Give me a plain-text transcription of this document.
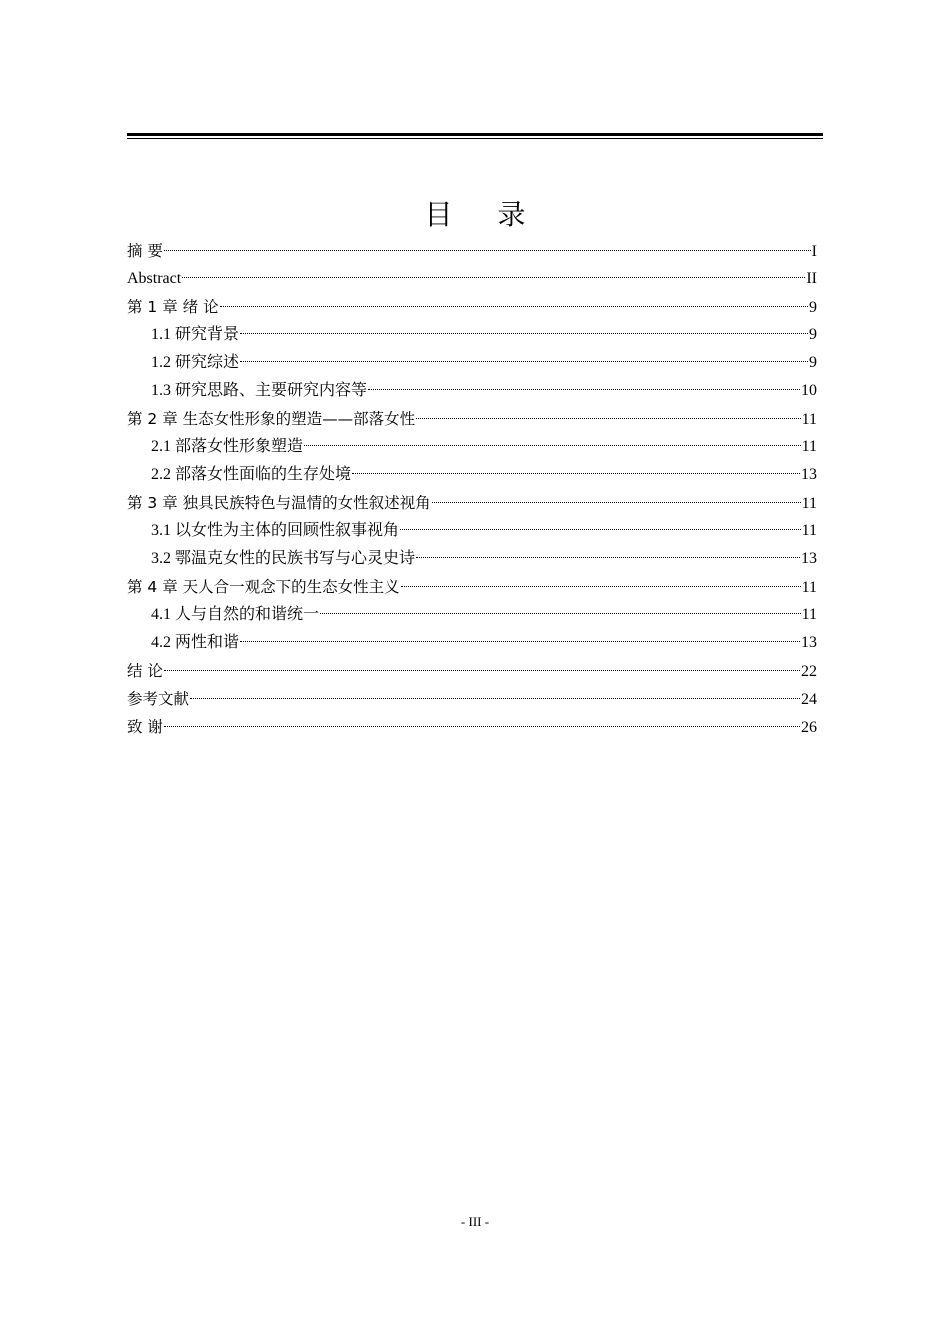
目 录
摘 要	I
Abstract	II
第 1 章 绪 论	9
1.1 研究背景	9
1.2 研究综述	9
1.3 研究思路、主要研究内容等	10
第 2 章 生态女性形象的塑造——部落女性	11
2.1 部落女性形象塑造	11
2.2 部落女性面临的生存处境	13
第 3 章 独具民族特色与温情的女性叙述视角	11
3.1 以女性为主体的回顾性叙事视角	11
3.2 鄂温克女性的民族书写与心灵史诗	13
第 4 章 天人合一观念下的生态女性主义	11
4.1 人与自然的和谐统一	11
4.2 两性和谐	13
结 论	22
参考文献	24
致 谢	26
- III -
